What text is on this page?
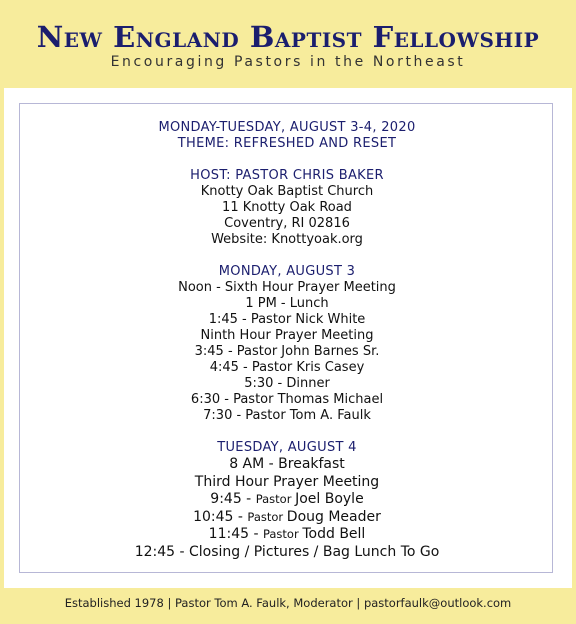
New England Baptist Fellowship
Encouraging Pastors in the Northeast
MONDAY-TUESDAY, AUGUST 3-4, 2020
THEME: REFRESHED AND RESET
HOST: PASTOR CHRIS BAKER
Knotty Oak Baptist Church
11 Knotty Oak Road
Coventry, RI 02816
Website: Knottyoak.org
MONDAY, AUGUST 3
Noon - Sixth Hour Prayer Meeting
1 PM - Lunch
1:45 - Pastor Nick White
Ninth Hour Prayer Meeting
3:45 - Pastor John Barnes Sr.
4:45 - Pastor Kris Casey
5:30 - Dinner
6:30 - Pastor Thomas Michael
7:30 - Pastor Tom A. Faulk
TUESDAY, AUGUST 4
8 AM - Breakfast
Third Hour Prayer Meeting
9:45 - Pastor Joel Boyle
10:45 - Pastor Doug Meader
11:45 - Pastor Todd Bell
12:45 - Closing / Pictures / Bag Lunch To Go
Established 1978 | Pastor Tom A. Faulk, Moderator | pastorfaulk@outlook.com
